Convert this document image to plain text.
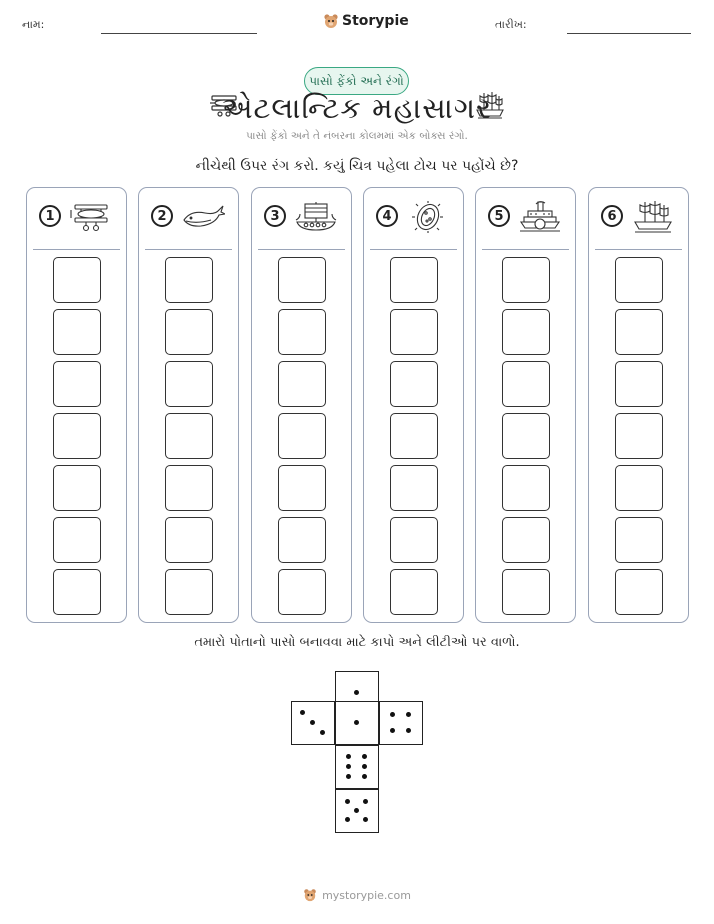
નામ:	Storypie	તારીખ:
પાસો ફેંકો અને રંગો
એટલાન્ટિક મહાસાગર
પાસો ફેંકો અને તે નંબરના કોલમમાં એક બોક્સ રંગો.
નીચેથી ઉપર રંગ કરો. કયું ચિત્ર પહેલા ટોચ પર પહોંચે છે?
1	2	3	4	5	6
તમારો પોતાનો પાસો બનાવવા માટે કાપો અને લીટીઓ પર વાળો.
mystorypie.com
